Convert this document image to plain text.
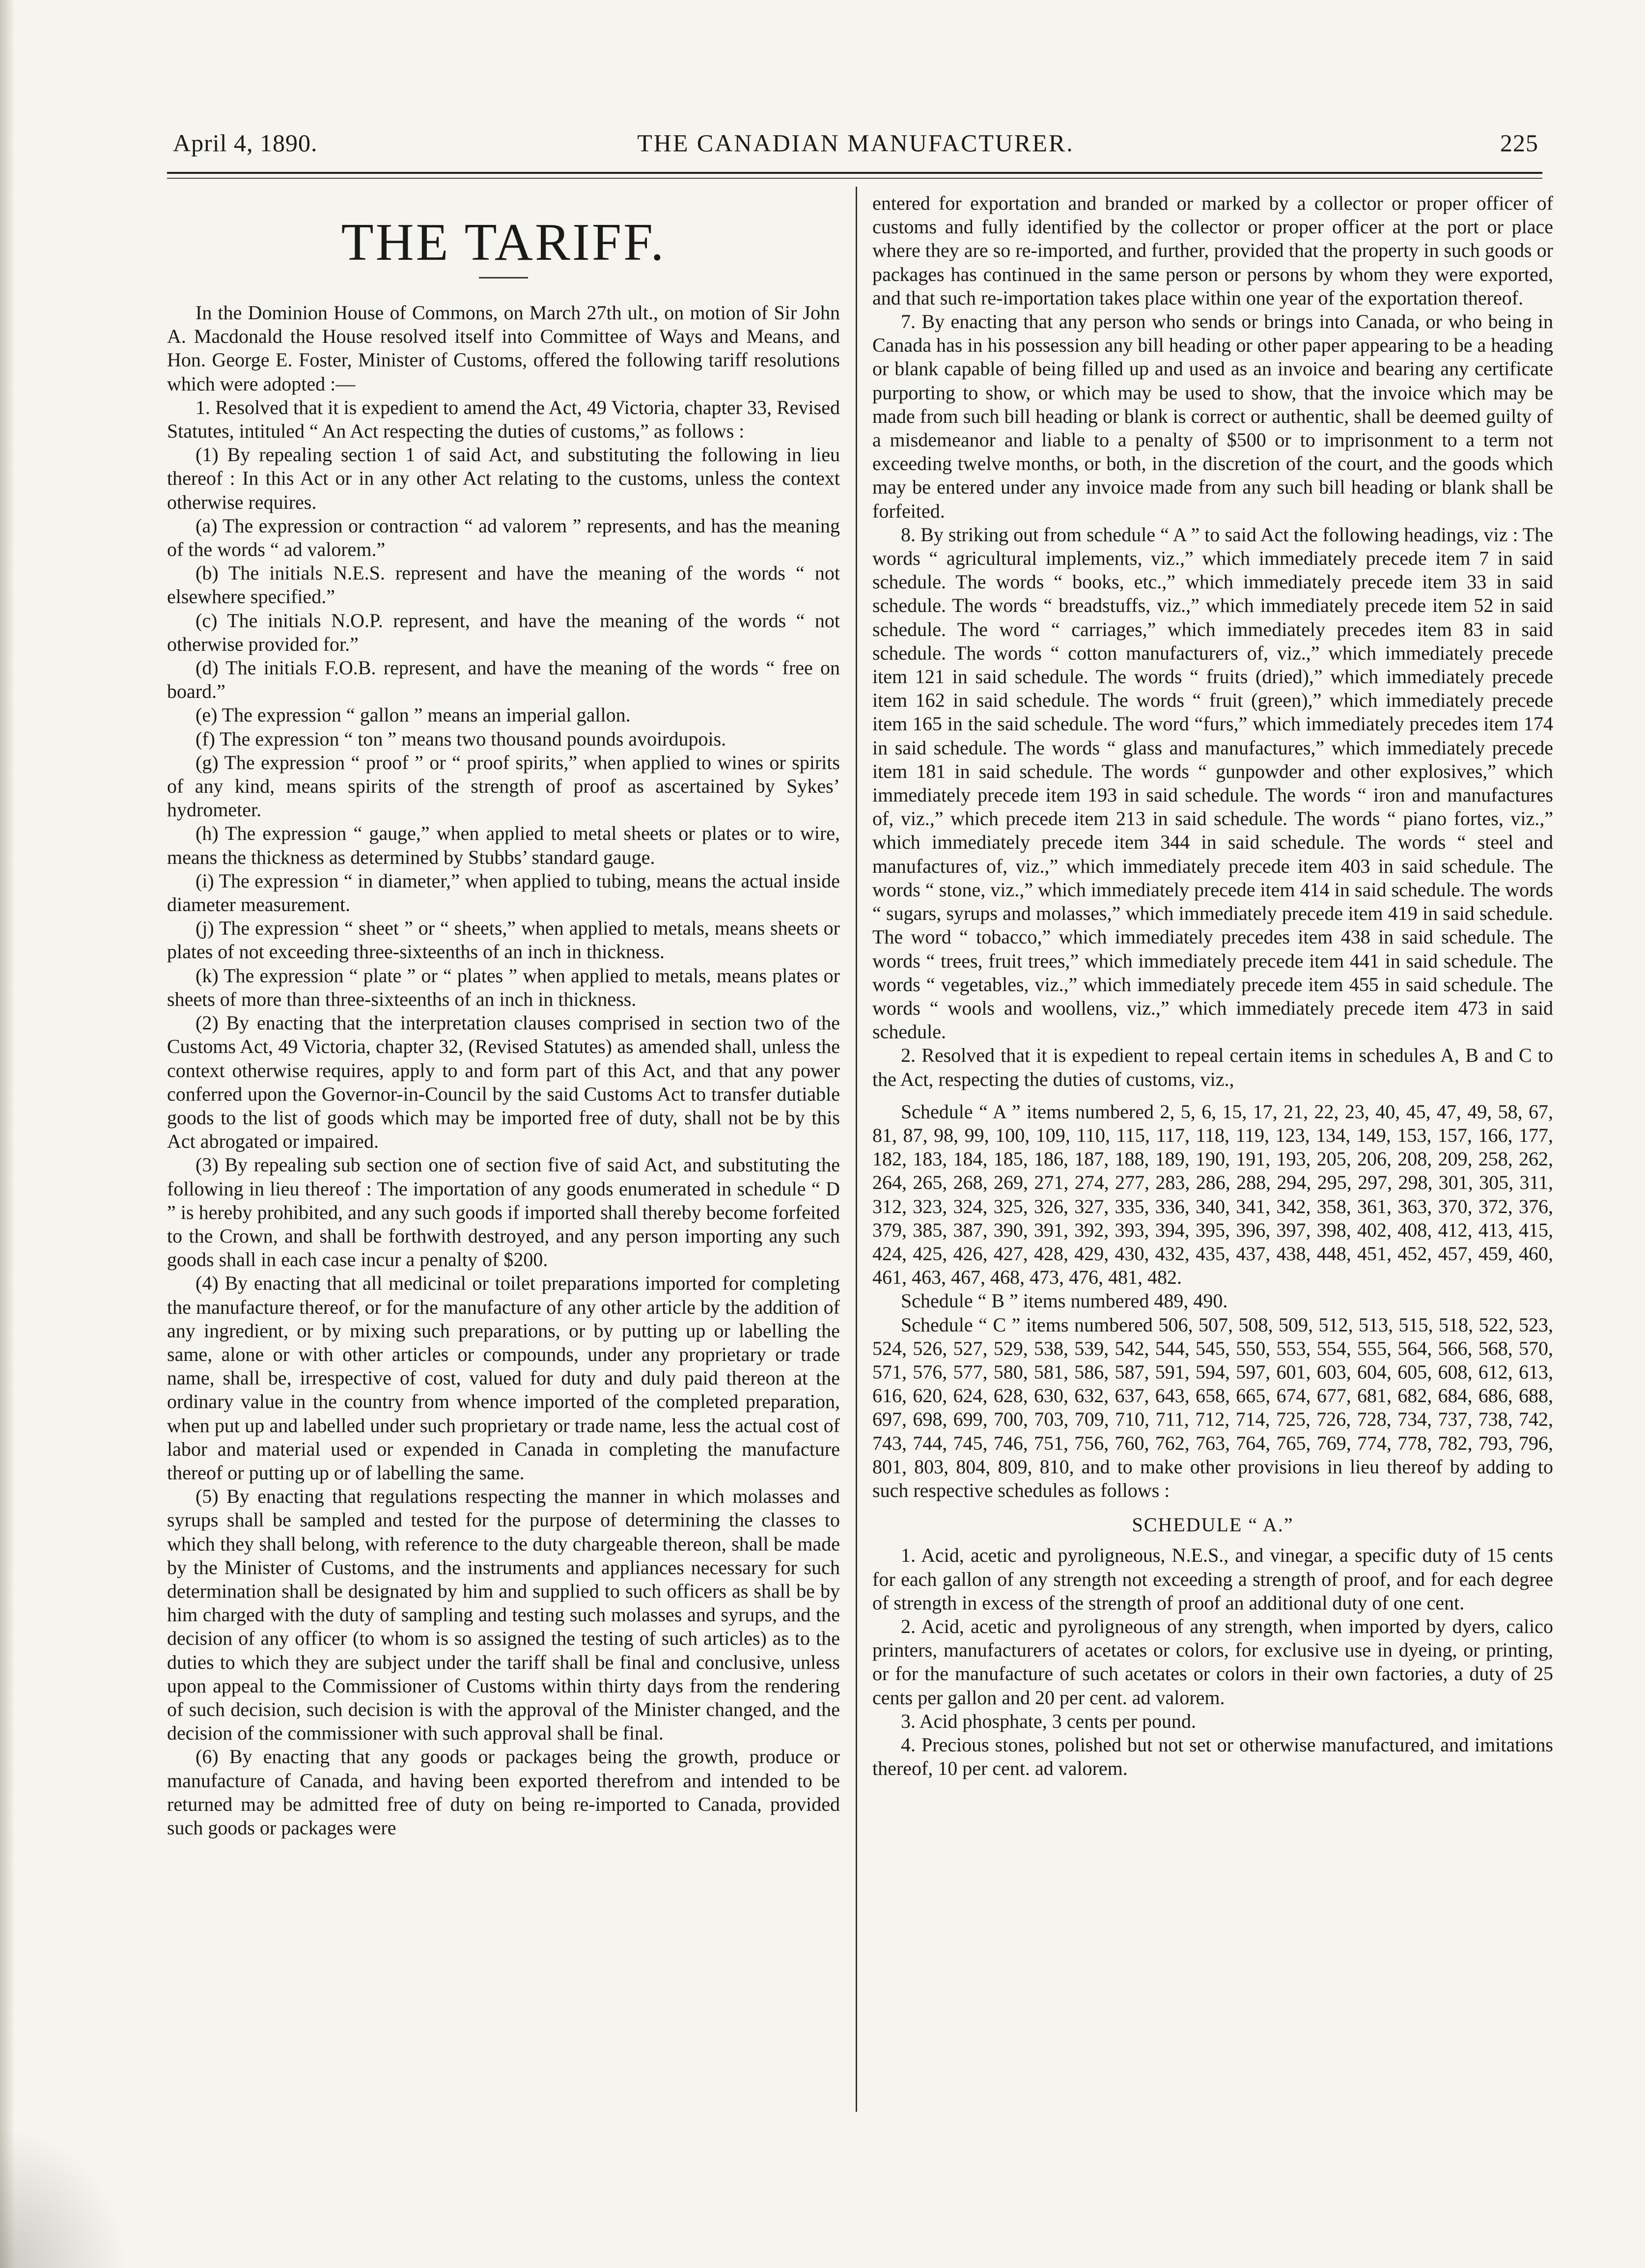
April 4, 1890.	THE CANADIAN MANUFACTURER.	225
THE TARIFF.

In the Dominion House of Commons, on March 27th ult., on motion of Sir John A. Macdonald the House resolved itself into Committee of Ways and Means, and Hon. George E. Foster, Minister of Customs, offered the following tariff resolutions which were adopted :—

1. Resolved that it is expedient to amend the Act, 49 Victoria, chapter 33, Revised Statutes, intituled “ An Act respecting the duties of customs,” as follows :

(1) By repealing section 1 of said Act, and substituting the following in lieu thereof : In this Act or in any other Act relating to the customs, unless the context otherwise requires.

(a) The expression or contraction “ ad valorem ” represents, and has the meaning of the words “ ad valorem.”

(b) The initials N.E.S. represent and have the meaning of the words “ not elsewhere specified.”

(c) The initials N.O.P. represent, and have the meaning of the words “ not otherwise provided for.”

(d) The initials F.O.B. represent, and have the meaning of the words “ free on board.”

(e) The expression “ gallon ” means an imperial gallon.

(f) The expression “ ton ” means two thousand pounds avoirdupois.

(g) The expression “ proof ” or “ proof spirits,” when applied to wines or spirits of any kind, means spirits of the strength of proof as ascertained by Sykes’ hydrometer.

(h) The expression “ gauge,” when applied to metal sheets or plates or to wire, means the thickness as determined by Stubbs’ standard gauge.

(i) The expression “ in diameter,” when applied to tubing, means the actual inside diameter measurement.

(j) The expression “ sheet ” or “ sheets,” when applied to metals, means sheets or plates of not exceeding three-sixteenths of an inch in thickness.

(k) The expression “ plate ” or “ plates ” when applied to metals, means plates or sheets of more than three-sixteenths of an inch in thickness.

(2) By enacting that the interpretation clauses comprised in section two of the Customs Act, 49 Victoria, chapter 32, (Revised Statutes) as amended shall, unless the context otherwise requires, apply to and form part of this Act, and that any power conferred upon the Governor-in-Council by the said Customs Act to transfer dutiable goods to the list of goods which may be imported free of duty, shall not be by this Act abrogated or impaired.

(3) By repealing sub section one of section five of said Act, and substituting the following in lieu thereof : The importation of any goods enumerated in schedule “ D ” is hereby prohibited, and any such goods if imported shall thereby become forfeited to the Crown, and shall be forthwith destroyed, and any person importing any such goods shall in each case incur a penalty of $200.

(4) By enacting that all medicinal or toilet preparations imported for completing the manufacture thereof, or for the manufacture of any other article by the addition of any ingredient, or by mixing such preparations, or by putting up or labelling the same, alone or with other articles or compounds, under any proprietary or trade name, shall be, irrespective of cost, valued for duty and duly paid thereon at the ordinary value in the country from whence imported of the completed preparation, when put up and labelled under such proprietary or trade name, less the actual cost of labor and material used or expended in Canada in completing the manufacture thereof or putting up or of labelling the same.

(5) By enacting that regulations respecting the manner in which molasses and syrups shall be sampled and tested for the purpose of determining the classes to which they shall belong, with reference to the duty chargeable thereon, shall be made by the Minister of Customs, and the instruments and appliances necessary for such determination shall be designated by him and supplied to such officers as shall be by him charged with the duty of sampling and testing such molasses and syrups, and the decision of any officer (to whom is so assigned the testing of such articles) as to the duties to which they are subject under the tariff shall be final and conclusive, unless upon appeal to the Commissioner of Customs within thirty days from the rendering of such decision, such decision is with the approval of the Minister changed, and the decision of the commissioner with such approval shall be final.

(6) By enacting that any goods or packages being the growth, produce or manufacture of Canada, and having been exported therefrom and intended to be returned may be admitted free of duty on being re-imported to Canada, provided such goods or packages were

entered for exportation and branded or marked by a collector or proper officer of customs and fully identified by the collector or proper officer at the port or place where they are so re-imported, and further, provided that the property in such goods or packages has continued in the same person or persons by whom they were exported, and that such re-importation takes place within one year of the exportation thereof.

7. By enacting that any person who sends or brings into Canada, or who being in Canada has in his possession any bill heading or other paper appearing to be a heading or blank capable of being filled up and used as an invoice and bearing any certificate purporting to show, or which may be used to show, that the invoice which may be made from such bill heading or blank is correct or authentic, shall be deemed guilty of a misdemeanor and liable to a penalty of $500 or to imprisonment to a term not exceeding twelve months, or both, in the discretion of the court, and the goods which may be entered under any invoice made from any such bill heading or blank shall be forfeited.

8. By striking out from schedule “ A ” to said Act the following headings, viz : The words “ agricultural implements, viz.,” which immediately precede item 7 in said schedule. The words “ books, etc.,” which immediately precede item 33 in said schedule. The words “ breadstuffs, viz.,” which immediately precede item 52 in said schedule. The word “ carriages,” which immediately precedes item 83 in said schedule. The words “ cotton manufacturers of, viz.,” which immediately precede item 121 in said schedule. The words “ fruits (dried),” which immediately precede item 162 in said schedule. The words “ fruit (green),” which immediately precede item 165 in the said schedule. The word “furs,” which immediately precedes item 174 in said schedule. The words “ glass and manufactures,” which immediately precede item 181 in said schedule. The words “ gunpowder and other explosives,” which immediately precede item 193 in said schedule. The words “ iron and manufactures of, viz.,” which precede item 213 in said schedule. The words “ piano fortes, viz.,” which immediately precede item 344 in said schedule. The words “ steel and manufactures of, viz.,” which immediately precede item 403 in said schedule. The words “ stone, viz.,” which immediately precede item 414 in said schedule. The words “ sugars, syrups and molasses,” which immediately precede item 419 in said schedule. The word “ tobacco,” which immediately precedes item 438 in said schedule. The words “ trees, fruit trees,” which immediately precede item 441 in said schedule. The words “ vegetables, viz.,” which immediately precede item 455 in said schedule. The words “ wools and woollens, viz.,” which immediately precede item 473 in said schedule.

2. Resolved that it is expedient to repeal certain items in schedules A, B and C to the Act, respecting the duties of customs, viz.,

Schedule “ A ” items numbered 2, 5, 6, 15, 17, 21, 22, 23, 40, 45, 47, 49, 58, 67, 81, 87, 98, 99, 100, 109, 110, 115, 117, 118, 119, 123, 134, 149, 153, 157, 166, 177, 182, 183, 184, 185, 186, 187, 188, 189, 190, 191, 193, 205, 206, 208, 209, 258, 262, 264, 265, 268, 269, 271, 274, 277, 283, 286, 288, 294, 295, 297, 298, 301, 305, 311, 312, 323, 324, 325, 326, 327, 335, 336, 340, 341, 342, 358, 361, 363, 370, 372, 376, 379, 385, 387, 390, 391, 392, 393, 394, 395, 396, 397, 398, 402, 408, 412, 413, 415, 424, 425, 426, 427, 428, 429, 430, 432, 435, 437, 438, 448, 451, 452, 457, 459, 460, 461, 463, 467, 468, 473, 476, 481, 482.

Schedule “ B ” items numbered 489, 490.

Schedule “ C ” items numbered 506, 507, 508, 509, 512, 513, 515, 518, 522, 523, 524, 526, 527, 529, 538, 539, 542, 544, 545, 550, 553, 554, 555, 564, 566, 568, 570, 571, 576, 577, 580, 581, 586, 587, 591, 594, 597, 601, 603, 604, 605, 608, 612, 613, 616, 620, 624, 628, 630, 632, 637, 643, 658, 665, 674, 677, 681, 682, 684, 686, 688, 697, 698, 699, 700, 703, 709, 710, 711, 712, 714, 725, 726, 728, 734, 737, 738, 742, 743, 744, 745, 746, 751, 756, 760, 762, 763, 764, 765, 769, 774, 778, 782, 793, 796, 801, 803, 804, 809, 810, and to make other provisions in lieu thereof by adding to such respective schedules as follows :

SCHEDULE “ A.”

1. Acid, acetic and pyroligneous, N.E.S., and vinegar, a specific duty of 15 cents for each gallon of any strength not exceeding a strength of proof, and for each degree of strength in excess of the strength of proof an additional duty of one cent.

2. Acid, acetic and pyroligneous of any strength, when imported by dyers, calico printers, manufacturers of acetates or colors, for exclusive use in dyeing, or printing, or for the manufacture of such acetates or colors in their own factories, a duty of 25 cents per gallon and 20 per cent. ad valorem.

3. Acid phosphate, 3 cents per pound.

4. Precious stones, polished but not set or otherwise manufactured, and imitations thereof, 10 per cent. ad valorem.
